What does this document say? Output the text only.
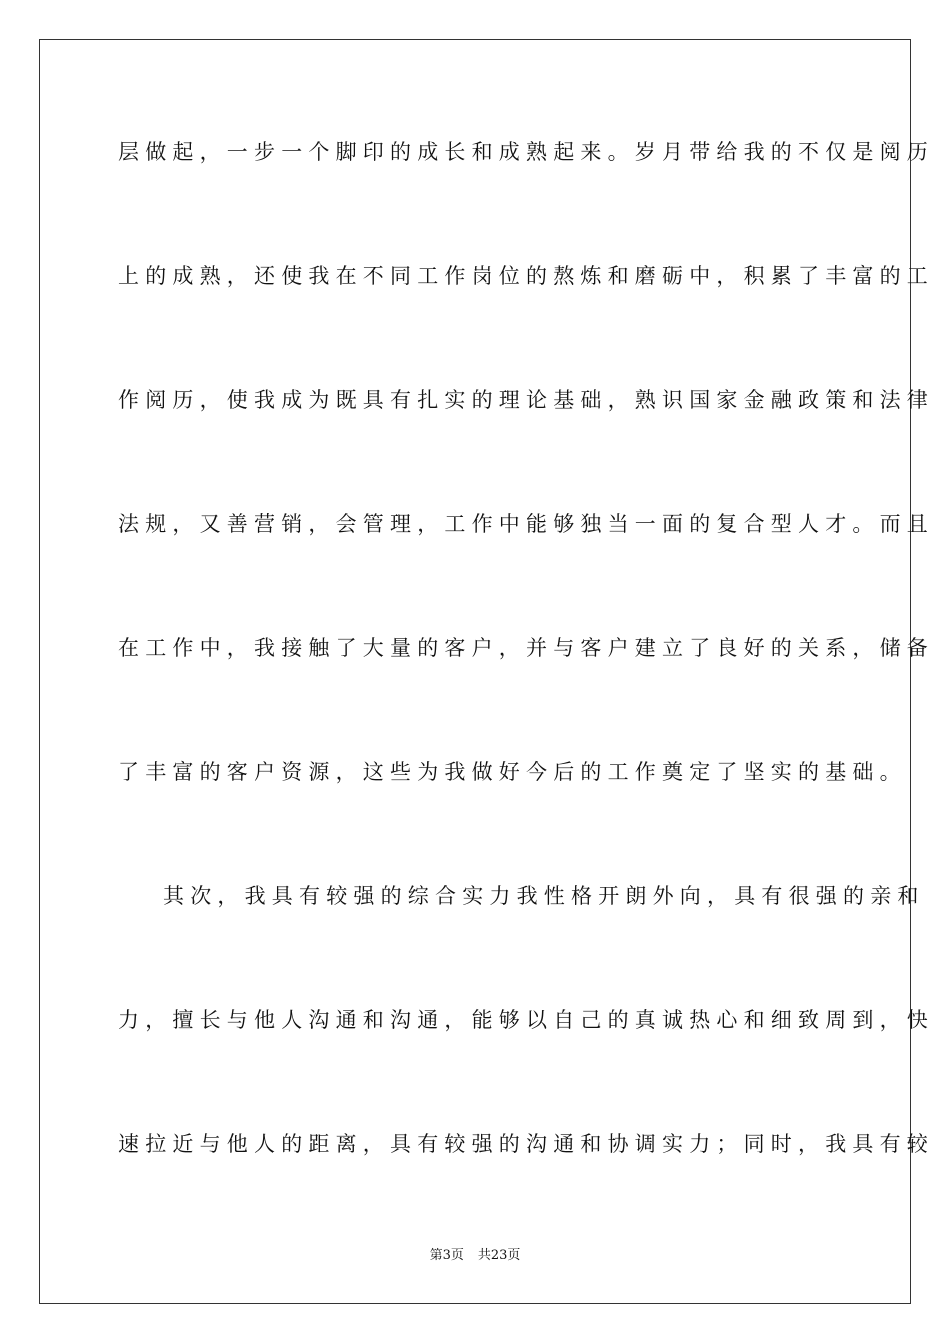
层做起，一步一个脚印的成长和成熟起来。岁月带给我的不仅是阅历
上的成熟，还使我在不同工作岗位的熬炼和磨砺中，积累了丰富的工
作阅历，使我成为既具有扎实的理论基础，熟识国家金融政策和法律
法规，又善营销，会管理，工作中能够独当一面的复合型人才。而且
在工作中，我接触了大量的客户，并与客户建立了良好的关系，储备
了丰富的客户资源，这些为我做好今后的工作奠定了坚实的基础。
其次，我具有较强的综合实力我性格开朗外向，具有很强的亲和
力，擅长与他人沟通和沟通，能够以自己的真诚热心和细致周到，快
速拉近与他人的距离，具有较强的沟通和协调实力；同时，我具有较
第3页 共23页
